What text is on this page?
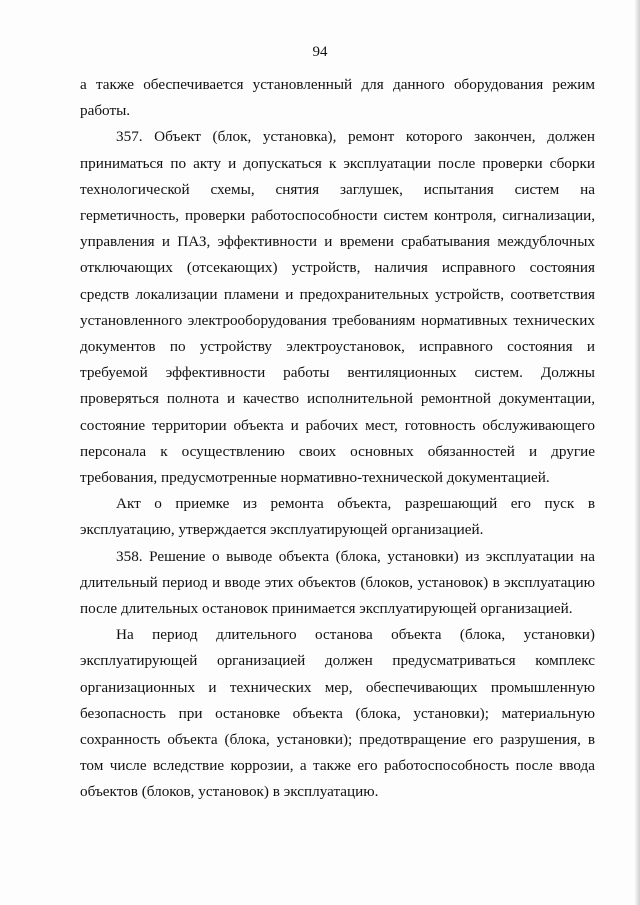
94

а также обеспечивается установленный для данного оборудования режим работы.

357. Объект (блок, установка), ремонт которого закончен, должен приниматься по акту и допускаться к эксплуатации после проверки сборки технологической схемы, снятия заглушек, испытания систем на герметичность, проверки работоспособности систем контроля, сигнализации, управления и ПАЗ, эффективности и времени срабатывания междублочных отключающих (отсекающих) устройств, наличия исправного состояния средств локализации пламени и предохранительных устройств, соответствия установленного электрооборудования требованиям нормативных технических документов по устройству электроустановок, исправного состояния и требуемой эффективности работы вентиляционных систем. Должны проверяться полнота и качество исполнительной ремонтной документации, состояние территории объекта и рабочих мест, готовность обслуживающего персонала к осуществлению своих основных обязанностей и другие требования, предусмотренные нормативно-технической документацией.

Акт о приемке из ремонта объекта, разрешающий его пуск в эксплуатацию, утверждается эксплуатирующей организацией.

358. Решение о выводе объекта (блока, установки) из эксплуатации на длительный период и вводе этих объектов (блоков, установок) в эксплуатацию после длительных остановок принимается эксплуатирующей организацией.

На период длительного останова объекта (блока, установки) эксплуатирующей организацией должен предусматриваться комплекс организационных и технических мер, обеспечивающих промышленную безопасность при остановке объекта (блока, установки); материальную сохранность объекта (блока, установки); предотвращение его разрушения, в том числе вследствие коррозии, а также его работоспособность после ввода объектов (блоков, установок) в эксплуатацию.
